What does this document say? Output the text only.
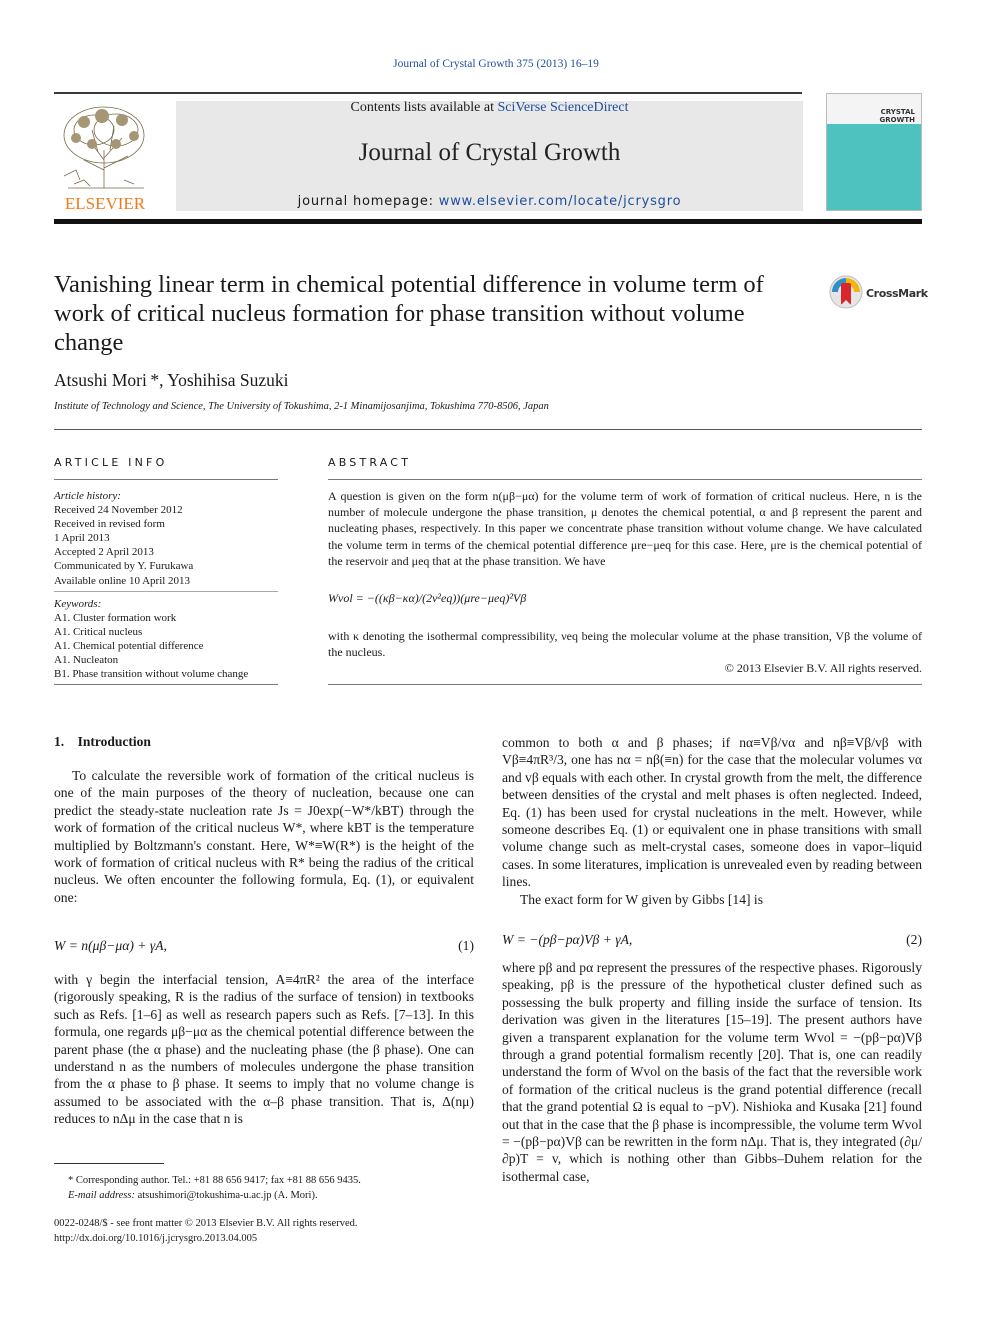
Journal of Crystal Growth 375 (2013) 16–19
ELSEVIER
Contents lists available at SciVerse ScienceDirect
Journal of Crystal Growth
journal homepage: www.elsevier.com/locate/jcrysgro
CRYSTAL
GROWTH
Vanishing linear term in chemical potential difference in volume term of work of critical nucleus formation for phase transition without volume change
CrossMark
Atsushi Mori *, Yoshihisa Suzuki
Institute of Technology and Science, The University of Tokushima, 2-1 Minamijosanjima, Tokushima 770-8506, Japan
ARTICLE INFO
Article history:
Received 24 November 2012
Received in revised form
1 April 2013
Accepted 2 April 2013
Communicated by Y. Furukawa
Available online 10 April 2013
Keywords:
A1. Cluster formation work
A1. Critical nucleus
A1. Chemical potential difference
A1. Nucleaton
B1. Phase transition without volume change
ABSTRACT
A question is given on the form n(μβ−μα) for the volume term of work of formation of critical nucleus. Here, n is the number of molecule undergone the phase transition, μ denotes the chemical potential, α and β represent the parent and nucleating phases, respectively. In this paper we concentrate phase transition without volume change. We have calculated the volume term in terms of the chemical potential difference μre−μeq for this case. Here, μre is the chemical potential of the reservoir and μeq that at the phase transition. We have
Wvol = −((κβ−κα)/(2v²eq))(μre−μeq)²Vβ
with κ denoting the isothermal compressibility, νeq being the molecular volume at the phase transition, Vβ the volume of the nucleus.
© 2013 Elsevier B.V. All rights reserved.
1. Introduction

To calculate the reversible work of formation of the critical nucleus is one of the main purposes of the theory of nucleation, because one can predict the steady-state nucleation rate Js = J0exp(−W*/kBT) through the work of formation of the critical nucleus W*, where kBT is the temperature multiplied by Boltzmann's constant. Here, W*≡W(R*) is the height of the work of formation of critical nucleus with R* being the radius of the critical nucleus. We often encounter the following formula, Eq. (1), or equivalent one:

W = n(μβ−μα) + γA,	(1)
with γ begin the interfacial tension, A≡4πR² the area of the interface (rigorously speaking, R is the radius of the surface of tension) in textbooks such as Refs. [1–6] as well as research papers such as Refs. [7–13]. In this formula, one regards μβ−μα as the chemical potential difference between the parent phase (the α phase) and the nucleating phase (the β phase). One can understand n as the numbers of molecules undergone the phase transition from the α phase to β phase. It seems to imply that no volume change is assumed to be associated with the α–β phase transition. That is, Δ(nμ) reduces to nΔμ in the case that n is
common to both α and β phases; if nα≡Vβ/vα and nβ≡Vβ/vβ with Vβ≡4πR³/3, one has nα = nβ(≡n) for the case that the molecular volumes vα and vβ equals with each other. In crystal growth from the melt, the difference between densities of the crystal and melt phases is often neglected. Indeed, Eq. (1) has been used for crystal nucleations in the melt. However, while someone describes Eq. (1) or equivalent one in phase transitions with small volume change such as melt-crystal cases, someone does in vapor–liquid cases. In some literatures, implication is unrevealed even by reading between lines.

The exact form for W given by Gibbs [14] is

W = −(pβ−pα)Vβ + γA,	(2)
where pβ and pα represent the pressures of the respective phases. Rigorously speaking, pβ is the pressure of the hypothetical cluster defined such as possessing the bulk property and filling inside the surface of tension. Its derivation was given in the literatures [15–19]. The present authors have given a transparent explanation for the volume term Wvol = −(pβ−pα)Vβ through a grand potential formalism recently [20]. That is, one can readily understand the form of Wvol on the basis of the fact that the reversible work of formation of the critical nucleus is the grand potential difference (recall that the grand potential Ω is equal to −pV). Nishioka and Kusaka [21] found out that in the case that the β phase is incompressible, the volume term Wvol = −(pβ−pα)Vβ can be rewritten in the form nΔμ. That is, they integrated (∂μ/∂p)T = v, which is nothing other than Gibbs–Duhem relation for the isothermal case,
* Corresponding author. Tel.: +81 88 656 9417; fax +81 88 656 9435.
E-mail address: atsushimori@tokushima-u.ac.jp (A. Mori).
0022-0248/$ - see front matter © 2013 Elsevier B.V. All rights reserved.
http://dx.doi.org/10.1016/j.jcrysgro.2013.04.005
